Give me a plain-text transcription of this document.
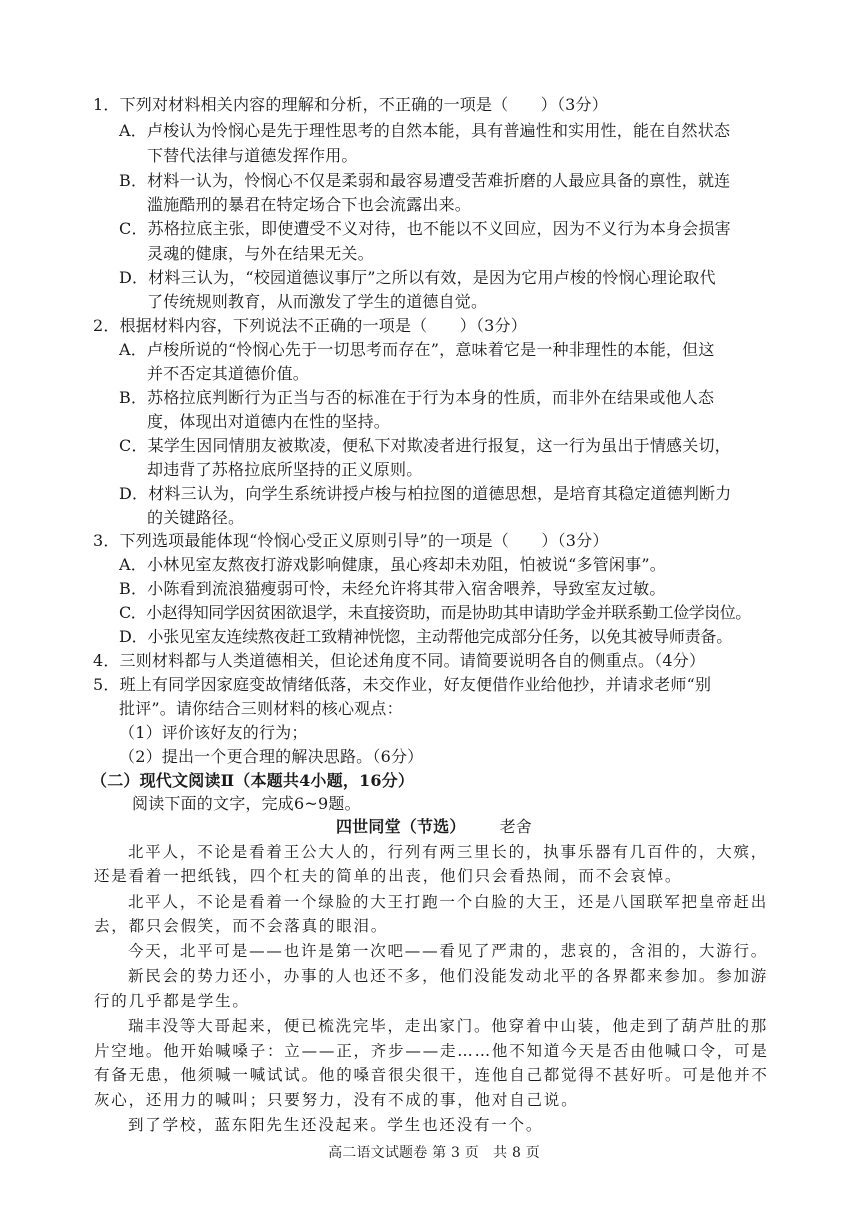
1．下列对材料相关内容的理解和分析，不正确的一项是（　　）（3分）
A．卢梭认为怜悯心是先于理性思考的自然本能，具有普遍性和实用性，能在自然状态
下替代法律与道德发挥作用。
B．材料一认为，怜悯心不仅是柔弱和最容易遭受苦难折磨的人最应具备的禀性，就连
滥施酷刑的暴君在特定场合下也会流露出来。
C．苏格拉底主张，即使遭受不义对待，也不能以不义回应，因为不义行为本身会损害
灵魂的健康，与外在结果无关。
D．材料三认为，“校园道德议事厅”之所以有效，是因为它用卢梭的怜悯心理论取代
了传统规则教育，从而激发了学生的道德自觉。
2．根据材料内容，下列说法不正确的一项是（　　）（3分）
A．卢梭所说的“怜悯心先于一切思考而存在”，意味着它是一种非理性的本能，但这
并不否定其道德价值。
B．苏格拉底判断行为正当与否的标准在于行为本身的性质，而非外在结果或他人态
度，体现出对道德内在性的坚持。
C．某学生因同情朋友被欺凌，便私下对欺凌者进行报复，这一行为虽出于情感关切，
却违背了苏格拉底所坚持的正义原则。
D．材料三认为，向学生系统讲授卢梭与柏拉图的道德思想，是培育其稳定道德判断力
的关键路径。
3．下列选项最能体现“怜悯心受正义原则引导”的一项是（　　）（3分）
A．小林见室友熬夜打游戏影响健康，虽心疼却未劝阻，怕被说“多管闲事”。
B．小陈看到流浪猫瘦弱可怜，未经允许将其带入宿舍喂养，导致室友过敏。
C．小赵得知同学因贫困欲退学，未直接资助，而是协助其申请助学金并联系勤工俭学岗位。
D．小张见室友连续熬夜赶工致精神恍惚，主动帮他完成部分任务，以免其被导师责备。
4．三则材料都与人类道德相关，但论述角度不同。请简要说明各自的侧重点。（4分）
5．班上有同学因家庭变故情绪低落，未交作业，好友便借作业给他抄，并请求老师“别
批评”。请你结合三则材料的核心观点：
（1）评价该好友的行为；
（2）提出一个更合理的解决思路。（6分）
（二）现代文阅读Ⅱ（本题共4小题，16分）
阅读下面的文字，完成6~9题。
四世同堂（节选） 老舍
北平人，不论是看着王公大人的，行列有两三里长的，执事乐器有几百件的，大殡，
还是看着一把纸钱，四个杠夫的简单的出丧，他们只会看热闹，而不会哀悼。
北平人，不论是看着一个绿脸的大王打跑一个白脸的大王，还是八国联军把皇帝赶出
去，都只会假笑，而不会落真的眼泪。
今天，北平可是——也许是第一次吧——看见了严肃的，悲哀的，含泪的，大游行。
新民会的势力还小，办事的人也还不多，他们没能发动北平的各界都来参加。参加游
行的几乎都是学生。
瑞丰没等大哥起来，便已梳洗完毕，走出家门。他穿着中山装，他走到了葫芦肚的那
片空地。他开始喊嗓子：立——正，齐步——走……他不知道今天是否由他喊口令，可是
有备无患，他须喊一喊试试。他的嗓音很尖很干，连他自己都觉得不甚好听。可是他并不
灰心，还用力的喊叫；只要努力，没有不成的事，他对自己说。
到了学校，蓝东阳先生还没起来。学生也还没有一个。
高二语文试题卷 第 3 页　共 8 页
